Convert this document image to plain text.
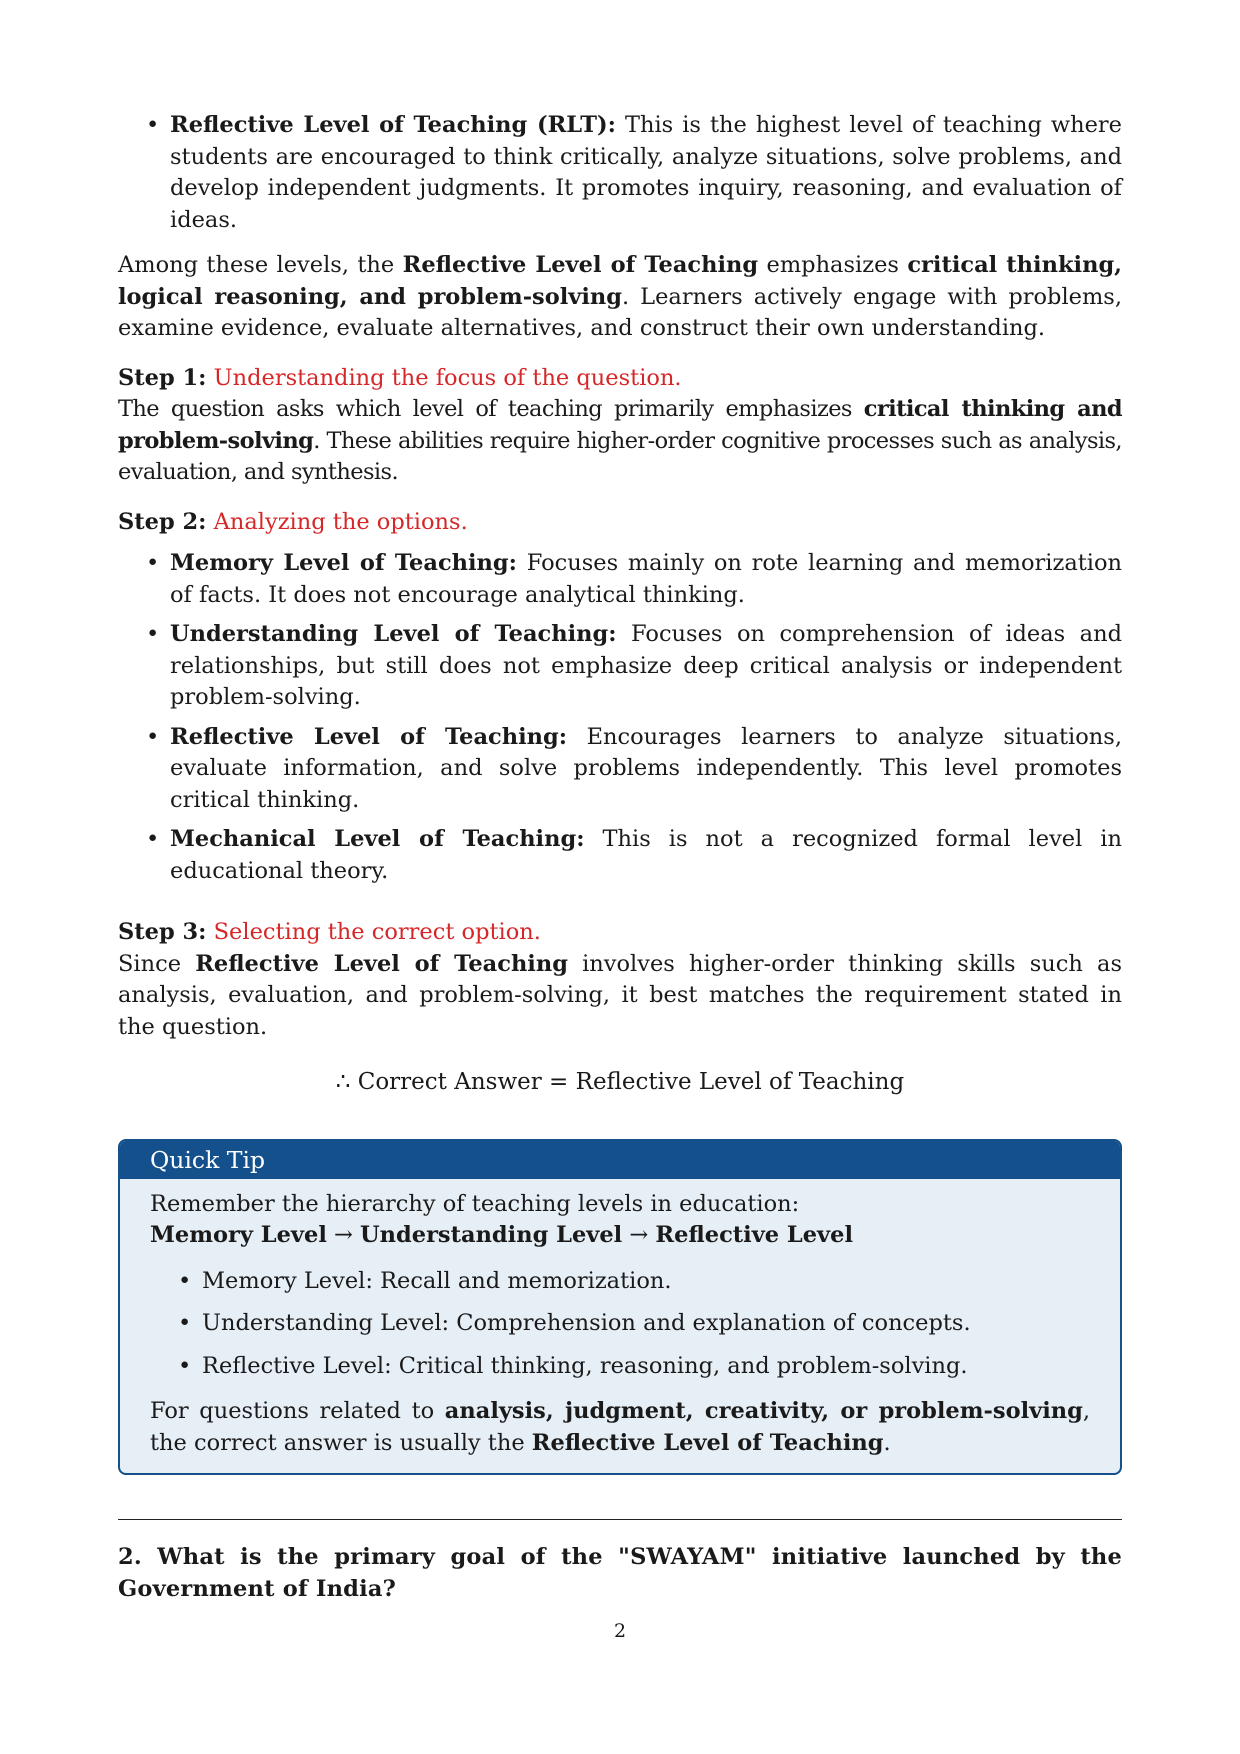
• Reflective Level of Teaching (RLT): This is the highest level of teaching where students are encouraged to think critically, analyze situations, solve problems, and develop independent judgments. It promotes inquiry, reasoning, and evaluation of ideas.

Among these levels, the Reflective Level of Teaching emphasizes critical thinking, logical reasoning, and problem-solving. Learners actively engage with problems, examine evidence, evaluate alternatives, and construct their own understanding.

Step 1: Understanding the focus of the question.

The question asks which level of teaching primarily emphasizes critical thinking and problem-solving. These abilities require higher-order cognitive processes such as analysis, evaluation, and synthesis.

Step 2: Analyzing the options.
• Memory Level of Teaching: Focuses mainly on rote learning and memorization of facts. It does not encourage analytical thinking.
• Understanding Level of Teaching: Focuses on comprehension of ideas and relationships, but still does not emphasize deep critical analysis or independent problem-solving.
• Reflective Level of Teaching: Encourages learners to analyze situations, evaluate information, and solve problems independently. This level promotes critical thinking.
• Mechanical Level of Teaching: This is not a recognized formal level in educational theory.
Step 3: Selecting the correct option.

Since Reflective Level of Teaching involves higher-order thinking skills such as analysis, evaluation, and problem-solving, it best matches the requirement stated in the question.

∴ Correct Answer = Reflective Level of Teaching

Quick Tip
Remember the hierarchy of teaching levels in education:
Memory Level → Understanding Level → Reflective Level
• Memory Level: Recall and memorization.
• Understanding Level: Comprehension and explanation of concepts.
• Reflective Level: Critical thinking, reasoning, and problem-solving.

For questions related to analysis, judgment, creativity, or problem-solving, the correct answer is usually the Reflective Level of Teaching.

2. What is the primary goal of the "SWAYAM" initiative launched by the Government of India?
2
